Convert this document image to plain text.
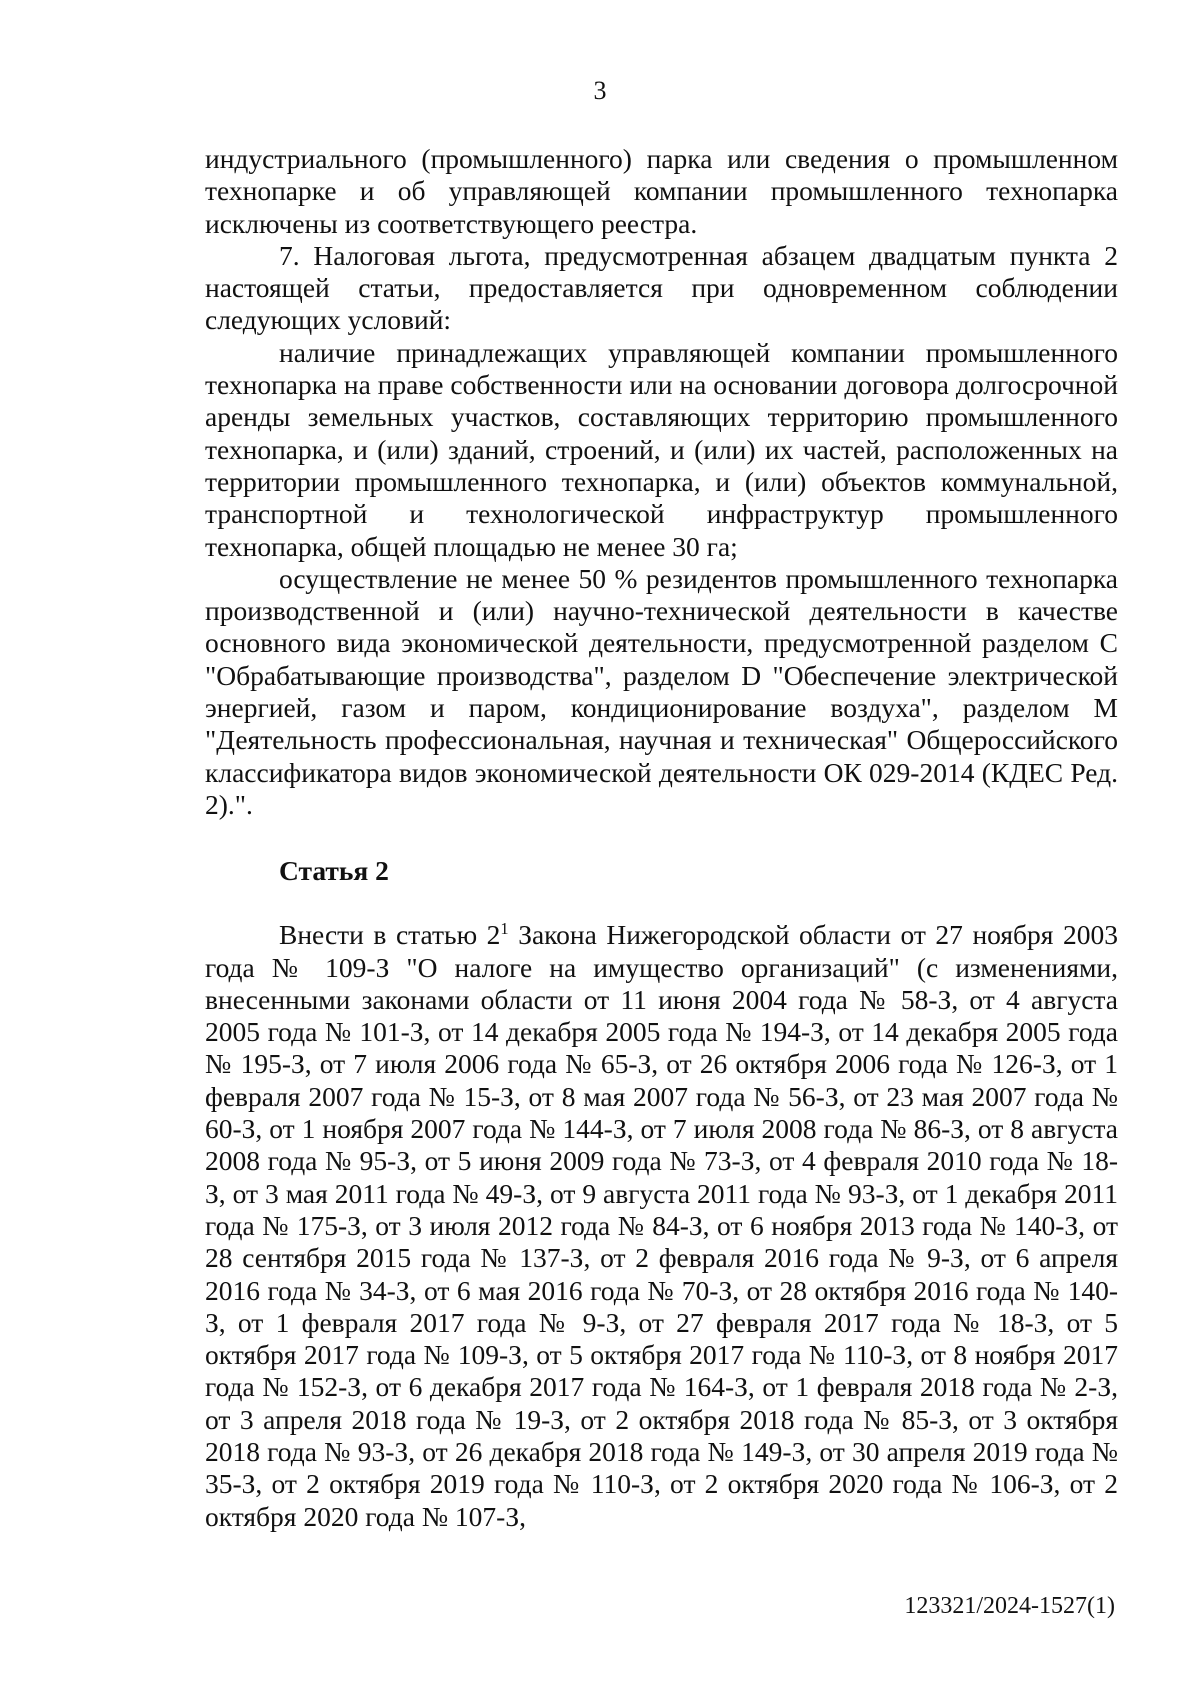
3

индустриального (промышленного) парка или сведения о промышленном технопарке и об управляющей компании промышленного технопарка исключены из соответствующего реестра.

7. Налоговая льгота, предусмотренная абзацем двадцатым пункта 2 настоящей статьи, предоставляется при одновременном соблюдении следующих условий:

наличие принадлежащих управляющей компании промышленного технопарка на праве собственности или на основании договора долгосрочной аренды земельных участков, составляющих территорию промышленного технопарка, и (или) зданий, строений, и (или) их частей, расположенных на территории промышленного технопарка, и (или) объектов коммунальной, транспортной и технологической инфраструктур промышленного технопарка, общей площадью не менее 30 га;

осуществление не менее 50 % резидентов промышленного технопарка производственной и (или) научно-технической деятельности в качестве основного вида экономической деятельности, предусмотренной разделом C "Обрабатывающие производства", разделом D "Обеспечение электрической энергией, газом и паром, кондиционирование воздуха", разделом M "Деятельность профессиональная, научная и техническая" Общероссийского классификатора видов экономической деятельности ОК 029-2014 (КДЕС Ред. 2).".

Статья 2

Внести в статью $2^1$ Закона Нижегородской области от 27 ноября 2003 года № 109-З "О налоге на имущество организаций" (с изменениями, внесенными законами области от 11 июня 2004 года № 58-З, от 4 августа 2005 года № 101-З, от 14 декабря 2005 года № 194-З, от 14 декабря 2005 года № 195-З, от 7 июля 2006 года № 65-З, от 26 октября 2006 года № 126-З, от 1 февраля 2007 года № 15-З, от 8 мая 2007 года № 56-З, от 23 мая 2007 года № 60-З, от 1 ноября 2007 года № 144-З, от 7 июля 2008 года № 86-З, от 8 августа 2008 года № 95-З, от 5 июня 2009 года № 73-З, от 4 февраля 2010 года № 18-З, от 3 мая 2011 года № 49-З, от 9 августа 2011 года № 93-З, от 1 декабря 2011 года № 175-З, от 3 июля 2012 года № 84-З, от 6 ноября 2013 года № 140-З, от 28 сентября 2015 года № 137-З, от 2 февраля 2016 года № 9-З, от 6 апреля 2016 года № 34-З, от 6 мая 2016 года № 70-З, от 28 октября 2016 года № 140-З, от 1 февраля 2017 года № 9-З, от 27 февраля 2017 года № 18-З, от 5 октября 2017 года № 109-З, от 5 октября 2017 года № 110-З, от 8 ноября 2017 года № 152-З, от 6 декабря 2017 года № 164-З, от 1 февраля 2018 года № 2-З, от 3 апреля 2018 года № 19-З, от 2 октября 2018 года № 85-З, от 3 октября 2018 года № 93-З, от 26 декабря 2018 года № 149-З, от 30 апреля 2019 года № 35-З, от 2 октября 2019 года № 110-З, от 2 октября 2020 года № 106-З, от 2 октября 2020 года № 107-З,

123321/2024-1527(1)
